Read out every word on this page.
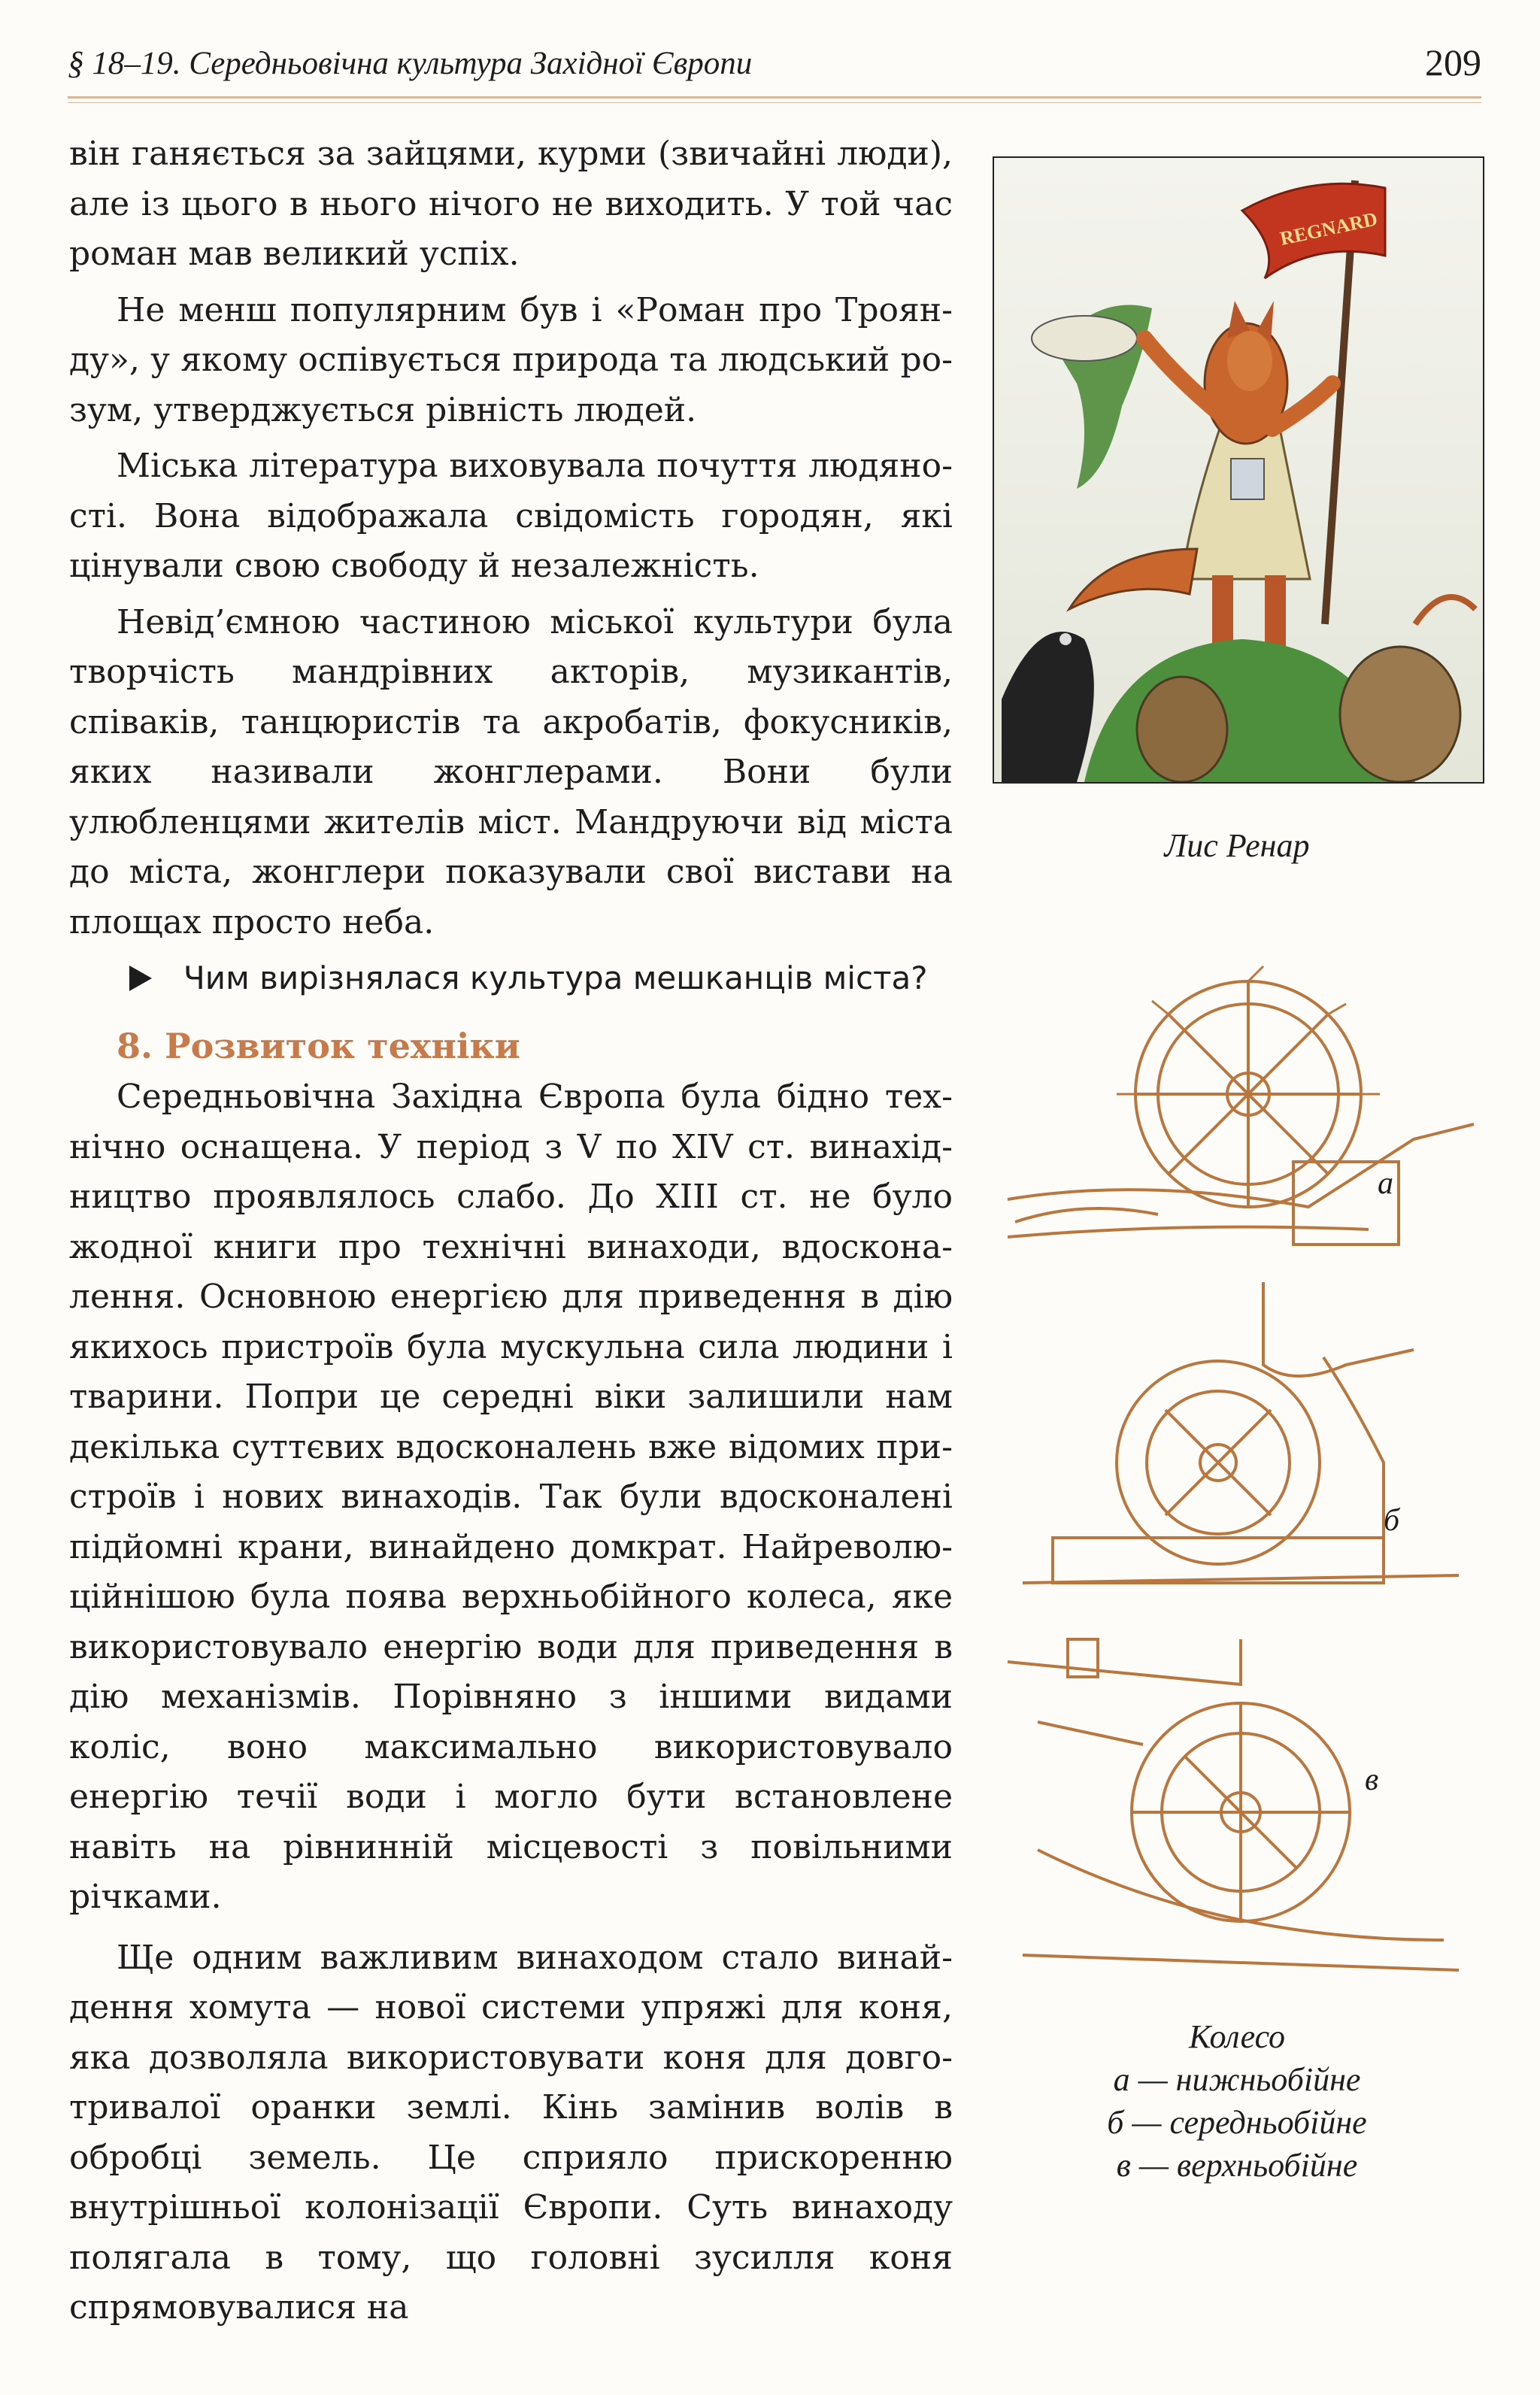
§ 18–19. Середньовічна культура Західної Європи	209

він ганяється за зайцями, курми (звичайні люди), але із цього в нього нічого не виходить. У той час роман мав великий успіх.

Не менш популярним був і «Роман про Троянду», у якому оспівується природа та людський розум, утверджується рівність людей.

Міська література виховувала почуття людяності. Вона відображала свідомість городян, які цінували свою свободу й незалежність.

Невід’ємною частиною міської культури була творчість мандрівних акторів, музикантів, співаків, танцюристів та акробатів, фокусників, яких називали жонглерами. Вони були улюбленцями жителів міст. Мандруючи від міста до міста, жонглери показували свої вистави на площах просто неба.

Чим вирізнялася культура мешканців міста?
8. Розвиток техніки

Середньовічна Західна Європа була бідно технічно оснащена. У період з V по XIV ст. винахідництво проявлялось слабо. До XIII ст. не було жодної книги про технічні винаходи, вдосконалення. Основною енергією для приведення в дію якихось пристроїв була мускульна сила людини і тварини. Попри це середні віки залишили нам декілька суттєвих вдосконалень вже відомих пристроїв і нових винаходів. Так були вдосконалені підйомні крани, винайдено домкрат. Найреволюційнішою була поява верхньобійного колеса, яке використовувало енергію води для приведення в дію механізмів. Порівняно з іншими видами коліс, воно максимально використовувало енергію течії води і могло бути встановлене навіть на рівнинній місцевості з повільними річками.

Ще одним важливим винаходом стало винайдення хомута — нової системи упряжі для коня, яка дозволяла використовувати коня для довготривалої оранки землі. Кінь замінив волів в обробці земель. Це сприяло прискоренню внутрішньої колонізації Європи. Суть винаходу полягала в тому, що головні зусилля коня спрямовувалися на

REGNARD
Лис Ренар
а
б
в
Колесо
а — нижньобійне
б — середньобійне
в — верхньобійне
